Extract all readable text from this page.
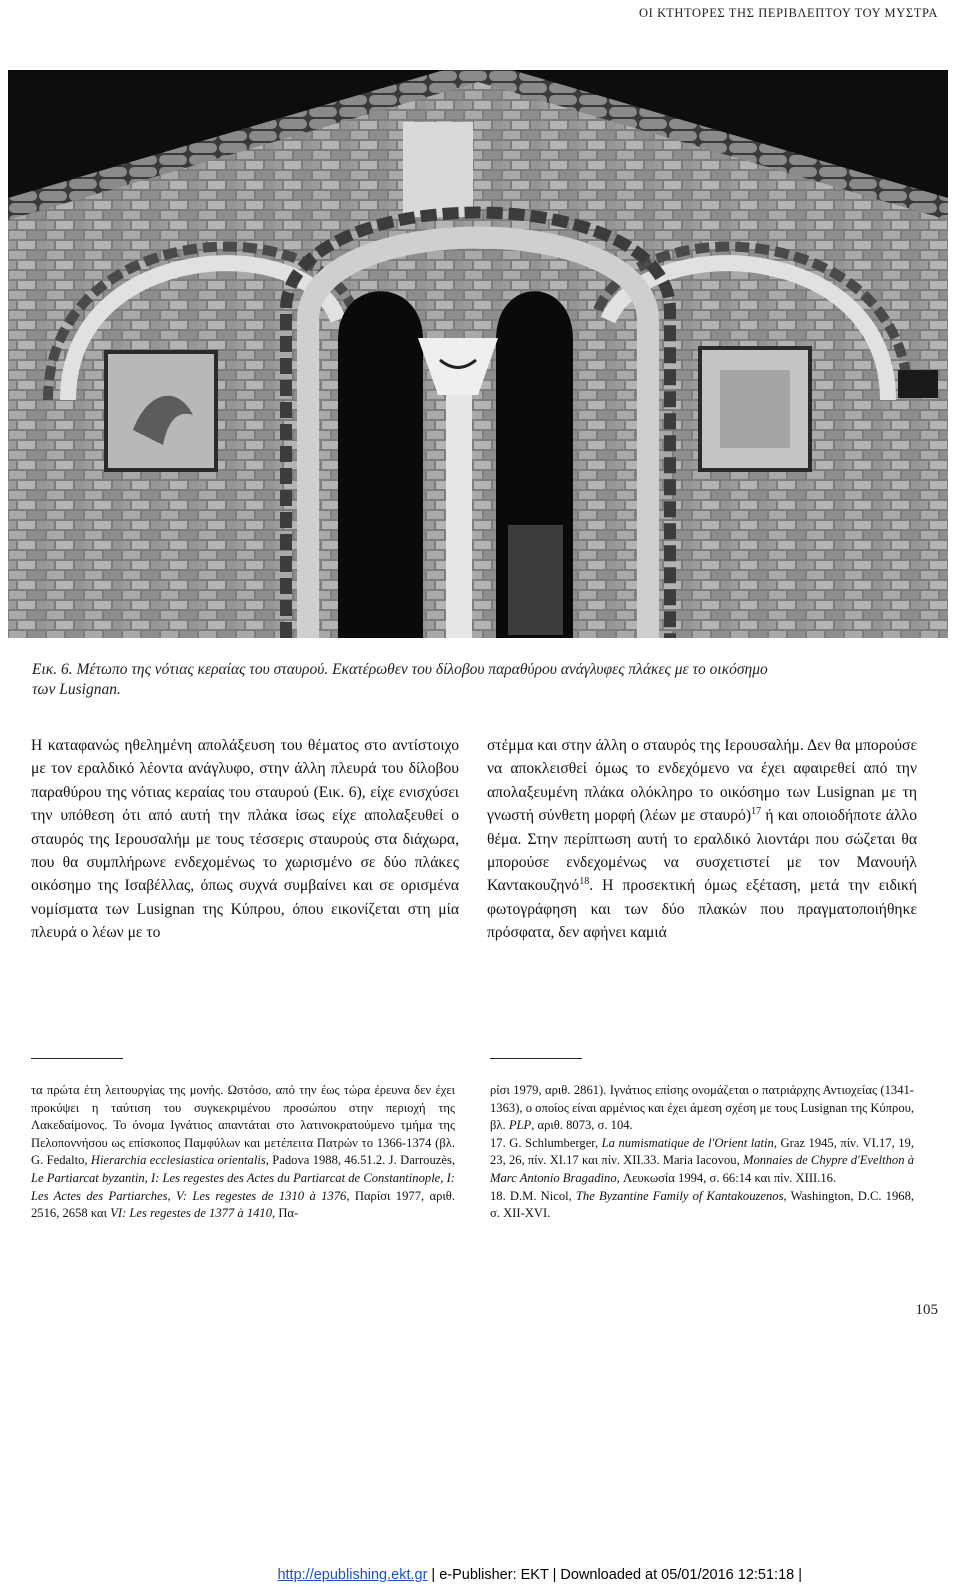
ΟΙ ΚΤΗΤΟΡΕΣ ΤΗΣ ΠΕΡΙΒΛΕΠΤΟΥ ΤΟΥ ΜΥΣΤΡΑ
Εικ. 6. Μέτωπο της νότιας κεραίας του σταυρού. Εκατέρωθεν του δίλοβου παραθύρου ανάγλυφες πλάκες με το οικόσημο
των Lusignan.
Η καταφανώς ηθελημένη απολάξευση του θέματος στο αντίστοιχο με τον εραλδικό λέοντα ανάγλυφο, στην άλλη πλευρά του δίλοβου παραθύρου της νότιας κεραίας του σταυρού (Εικ. 6), είχε ενισχύσει την υπόθεση ότι από αυτή την πλάκα ίσως είχε απολαξευθεί ο σταυρός της Ιερουσαλήμ με τους τέσσερις σταυρούς στα διάχωρα, που θα συμπλήρωνε ενδεχομένως το χωρισμένο σε δύο πλάκες οικόσημο της Ισαβέλλας, όπως συχνά συμβαίνει και σε ορισμένα νομίσματα των Lusignan της Κύπρου, όπου εικονίζεται στη μία πλευρά ο λέων με το
στέμμα και στην άλλη ο σταυρός της Ιερουσαλήμ. Δεν θα μπορούσε να αποκλεισθεί όμως το ενδεχόμενο να έχει αφαιρεθεί από την απολαξευμένη πλάκα ολόκληρο το οικόσημο των Lusignan με τη γνωστή σύνθετη μορφή (λέων με σταυρό)$^{17}$ ή και οποιοδήποτε άλλο θέμα. Στην περίπτωση αυτή το εραλδικό λιοντάρι που σώζεται θα μπορούσε ενδεχομένως να συσχετιστεί με τον Μανουήλ Καντακουζηνό$^{18}$. Η προσεκτική όμως εξέταση, μετά την ειδική φωτογράφηση και των δύο πλακών που πραγματοποιήθηκε πρόσφατα, δεν αφήνει καμιά

τα πρώτα έτη λειτουργίας της μονής. Ωστόσο, από την έως τώρα έρευνα δεν έχει προκύψει η ταύτιση του συγκεκριμένου προσώπου στην περιοχή της Λακεδαίμονος. Το όνομα Ιγνάτιος απαντάται στο λατινοκρατούμενο τμήμα της Πελοποννήσου ως επίσκοπος Παμφύλων και μετέπειτα Πατρών το 1366-1374 (βλ. G. Fedalto, Hierarchia ecclesiastica orientalis, Padova 1988, 46.51.2. J. Darrouzès, Le Partiarcat byzantin, I: Les regestes des Actes du Partiarcat de Constantinople, I: Les Actes des Partiarches, V: Les regestes de 1310 à 1376, Παρίσι 1977, αριθ. 2516, 2658 και VI: Les regestes de 1377 à 1410, Πα-

ρίσι 1979, αριθ. 2861). Ιγνάτιος επίσης ονομάζεται ο πατριάρχης Αντιοχείας (1341-1363), ο οποίος είναι αρμένιος και έχει άμεση σχέση με τους Lusignan της Κύπρου, βλ. PLP, αριθ. 8073, σ. 104.

17. G. Schlumberger, La numismatique de l'Orient latin, Graz 1945, πίν. VI.17, 19, 23, 26, πίν. XI.17 και πίν. XII.33. Maria Iacovou, Monnaies de Chypre d'Evelthon à Marc Antonio Bragadino, Λευκωσία 1994, σ. 66:14 και πίν. XIII.16.

18. D.M. Nicol, The Byzantine Family of Kantakouzenos, Washington, D.C. 1968, σ. XII-XVI.

105
http://epublishing.ekt.gr | e-Publisher: EKT | Downloaded at 05/01/2016 12:51:18 |
